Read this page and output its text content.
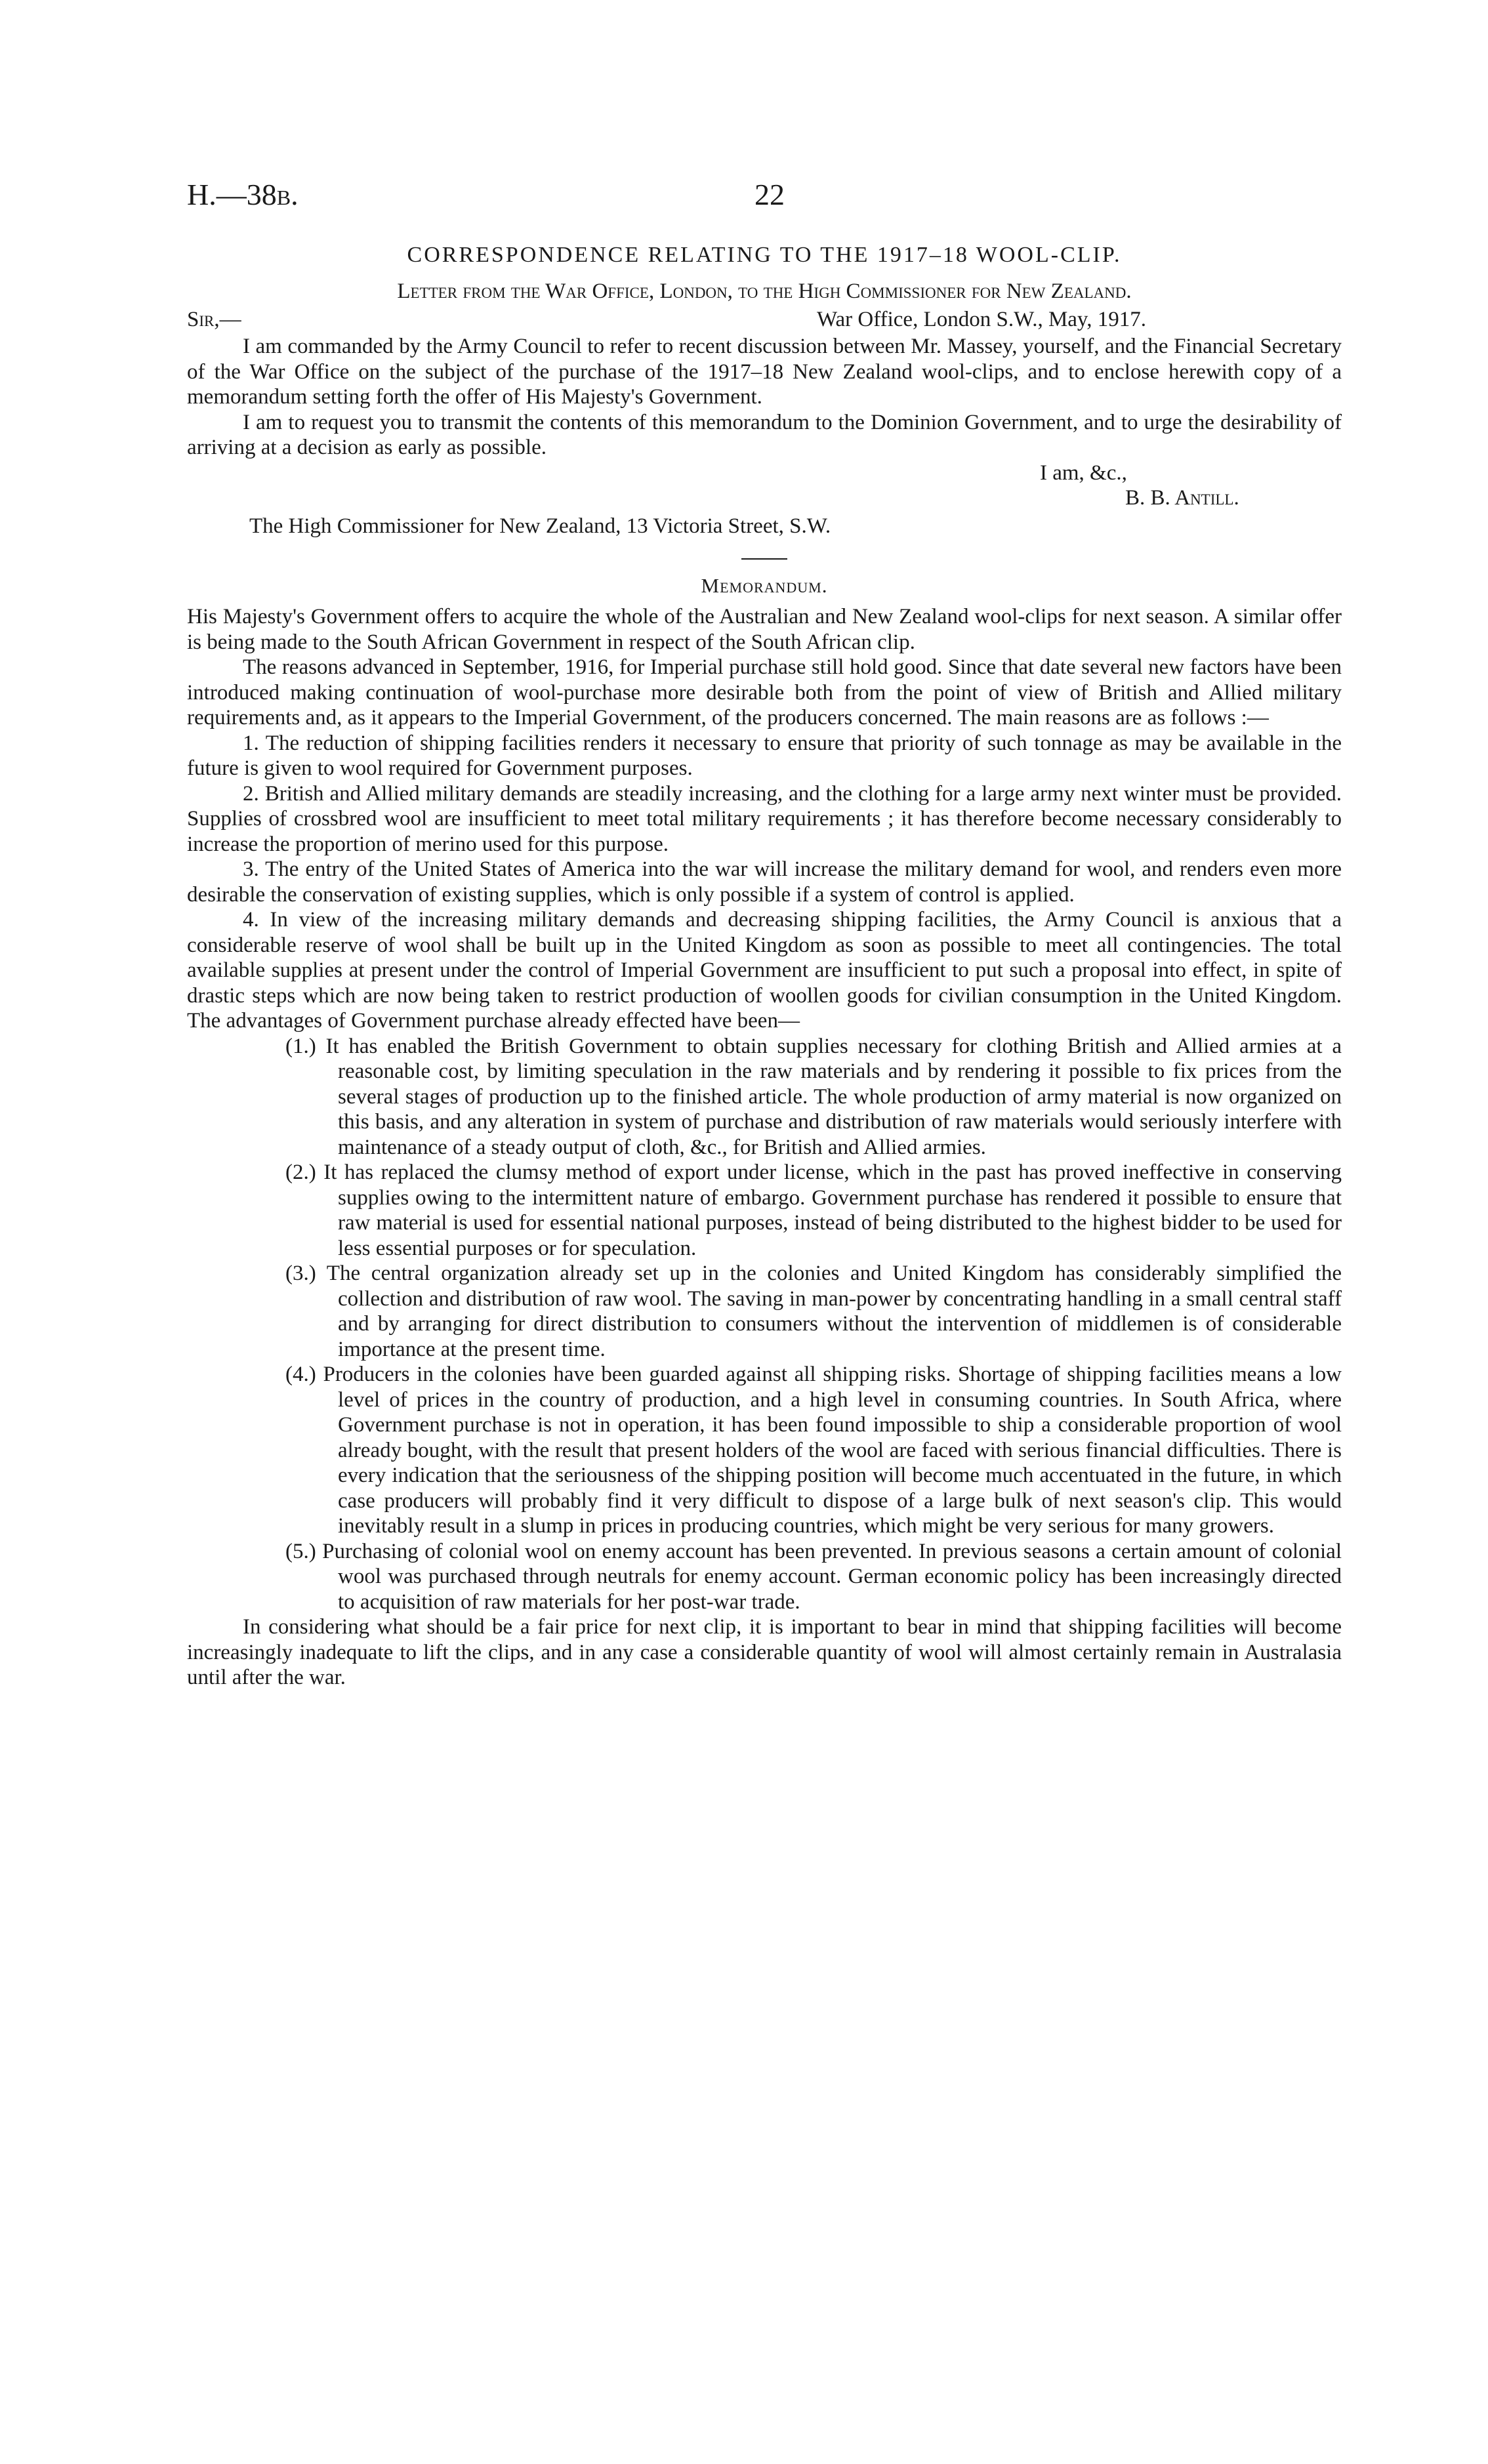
H.—38b.	22
CORRESPONDENCE RELATING TO THE 1917–18 WOOL-CLIP.
Letter from the War Office, London, to the High Commissioner for New Zealand.
Sir,—	War Office, London S.W., May, 1917.

I am commanded by the Army Council to refer to recent discussion between Mr. Massey, yourself, and the Financial Secretary of the War Office on the subject of the purchase of the 1917–18 New Zealand wool-clips, and to enclose herewith copy of a memorandum setting forth the offer of His Majesty's Government.

I am to request you to transmit the contents of this memorandum to the Dominion Government, and to urge the desirability of arriving at a decision as early as possible.

I am, &c.,
B. B. Antill.
The High Commissioner for New Zealand, 13 Victoria Street, S.W.
Memorandum.

His Majesty's Government offers to acquire the whole of the Australian and New Zealand wool-clips for next season. A similar offer is being made to the South African Government in respect of the South African clip.

The reasons advanced in September, 1916, for Imperial purchase still hold good. Since that date several new factors have been introduced making continuation of wool-purchase more desirable both from the point of view of British and Allied military requirements and, as it appears to the Imperial Government, of the producers concerned. The main reasons are as follows :—

1. The reduction of shipping facilities renders it necessary to ensure that priority of such tonnage as may be available in the future is given to wool required for Government purposes.

2. British and Allied military demands are steadily increasing, and the clothing for a large army next winter must be provided. Supplies of crossbred wool are insufficient to meet total military requirements ; it has therefore become necessary considerably to increase the proportion of merino used for this purpose.

3. The entry of the United States of America into the war will increase the military demand for wool, and renders even more desirable the conservation of existing supplies, which is only possible if a system of control is applied.

4. In view of the increasing military demands and decreasing shipping facilities, the Army Council is anxious that a considerable reserve of wool shall be built up in the United Kingdom as soon as possible to meet all contingencies. The total available supplies at present under the control of Imperial Government are insufficient to put such a proposal into effect, in spite of drastic steps which are now being taken to restrict production of woollen goods for civilian consumption in the United Kingdom. The advantages of Government purchase already effected have been—

(1.) It has enabled the British Government to obtain supplies necessary for clothing British and Allied armies at a reasonable cost, by limiting speculation in the raw materials and by rendering it possible to fix prices from the several stages of production up to the finished article. The whole production of army material is now organized on this basis, and any alteration in system of purchase and distribution of raw materials would seriously interfere with maintenance of a steady output of cloth, &c., for British and Allied armies.

(2.) It has replaced the clumsy method of export under license, which in the past has proved ineffective in conserving supplies owing to the intermittent nature of embargo. Government purchase has rendered it possible to ensure that raw material is used for essential national purposes, instead of being distributed to the highest bidder to be used for less essential purposes or for speculation.

(3.) The central organization already set up in the colonies and United Kingdom has considerably simplified the collection and distribution of raw wool. The saving in man-power by concentrating handling in a small central staff and by arranging for direct distribution to consumers without the intervention of middlemen is of considerable importance at the present time.

(4.) Producers in the colonies have been guarded against all shipping risks. Shortage of shipping facilities means a low level of prices in the country of production, and a high level in consuming countries. In South Africa, where Government purchase is not in operation, it has been found impossible to ship a considerable proportion of wool already bought, with the result that present holders of the wool are faced with serious financial difficulties. There is every indication that the seriousness of the shipping position will become much accentuated in the future, in which case producers will probably find it very difficult to dispose of a large bulk of next season's clip. This would inevitably result in a slump in prices in producing countries, which might be very serious for many growers.

(5.) Purchasing of colonial wool on enemy account has been prevented. In previous seasons a certain amount of colonial wool was purchased through neutrals for enemy account. German economic policy has been increasingly directed to acquisition of raw materials for her post-war trade.

In considering what should be a fair price for next clip, it is important to bear in mind that shipping facilities will become increasingly inadequate to lift the clips, and in any case a considerable quantity of wool will almost certainly remain in Australasia until after the war.
